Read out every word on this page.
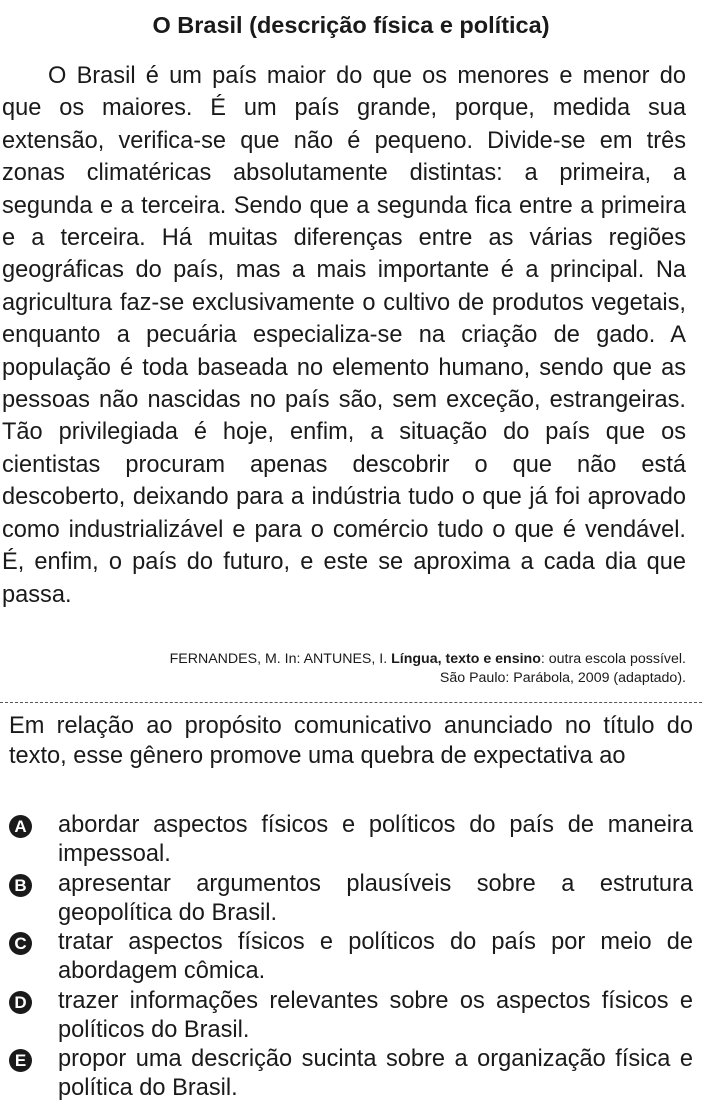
O Brasil (descrição física e política)

O Brasil é um país maior do que os menores e menor do que os maiores. É um país grande, porque, medida sua extensão, verifica-se que não é pequeno. Divide-se em três zonas climatéricas absolutamente distintas: a primeira, a segunda e a terceira. Sendo que a segunda fica entre a primeira e a terceira. Há muitas diferenças entre as várias regiões geográficas do país, mas a mais importante é a principal. Na agricultura faz-se exclusivamente o cultivo de produtos vegetais, enquanto a pecuária especializa-se na criação de gado. A população é toda baseada no elemento humano, sendo que as pessoas não nascidas no país são, sem exceção, estrangeiras. Tão privilegiada é hoje, enfim, a situação do país que os cientistas procuram apenas descobrir o que não está descoberto, deixando para a indústria tudo o que já foi aprovado como industrializável e para o comércio tudo o que é vendável. É, enfim, o país do futuro, e este se aproxima a cada dia que passa.

FERNANDES, M. In: ANTUNES, I. Língua, texto e ensino: outra escola possível.
São Paulo: Parábola, 2009 (adaptado).

Em relação ao propósito comunicativo anunciado no título do texto, esse gênero promove uma quebra de expectativa ao

A abordar aspectos físicos e políticos do país de maneira impessoal.
B apresentar argumentos plausíveis sobre a estrutura geopolítica do Brasil.
C tratar aspectos físicos e políticos do país por meio de abordagem cômica.
D trazer informações relevantes sobre os aspectos físicos e políticos do Brasil.
E propor uma descrição sucinta sobre a organização física e política do Brasil.
